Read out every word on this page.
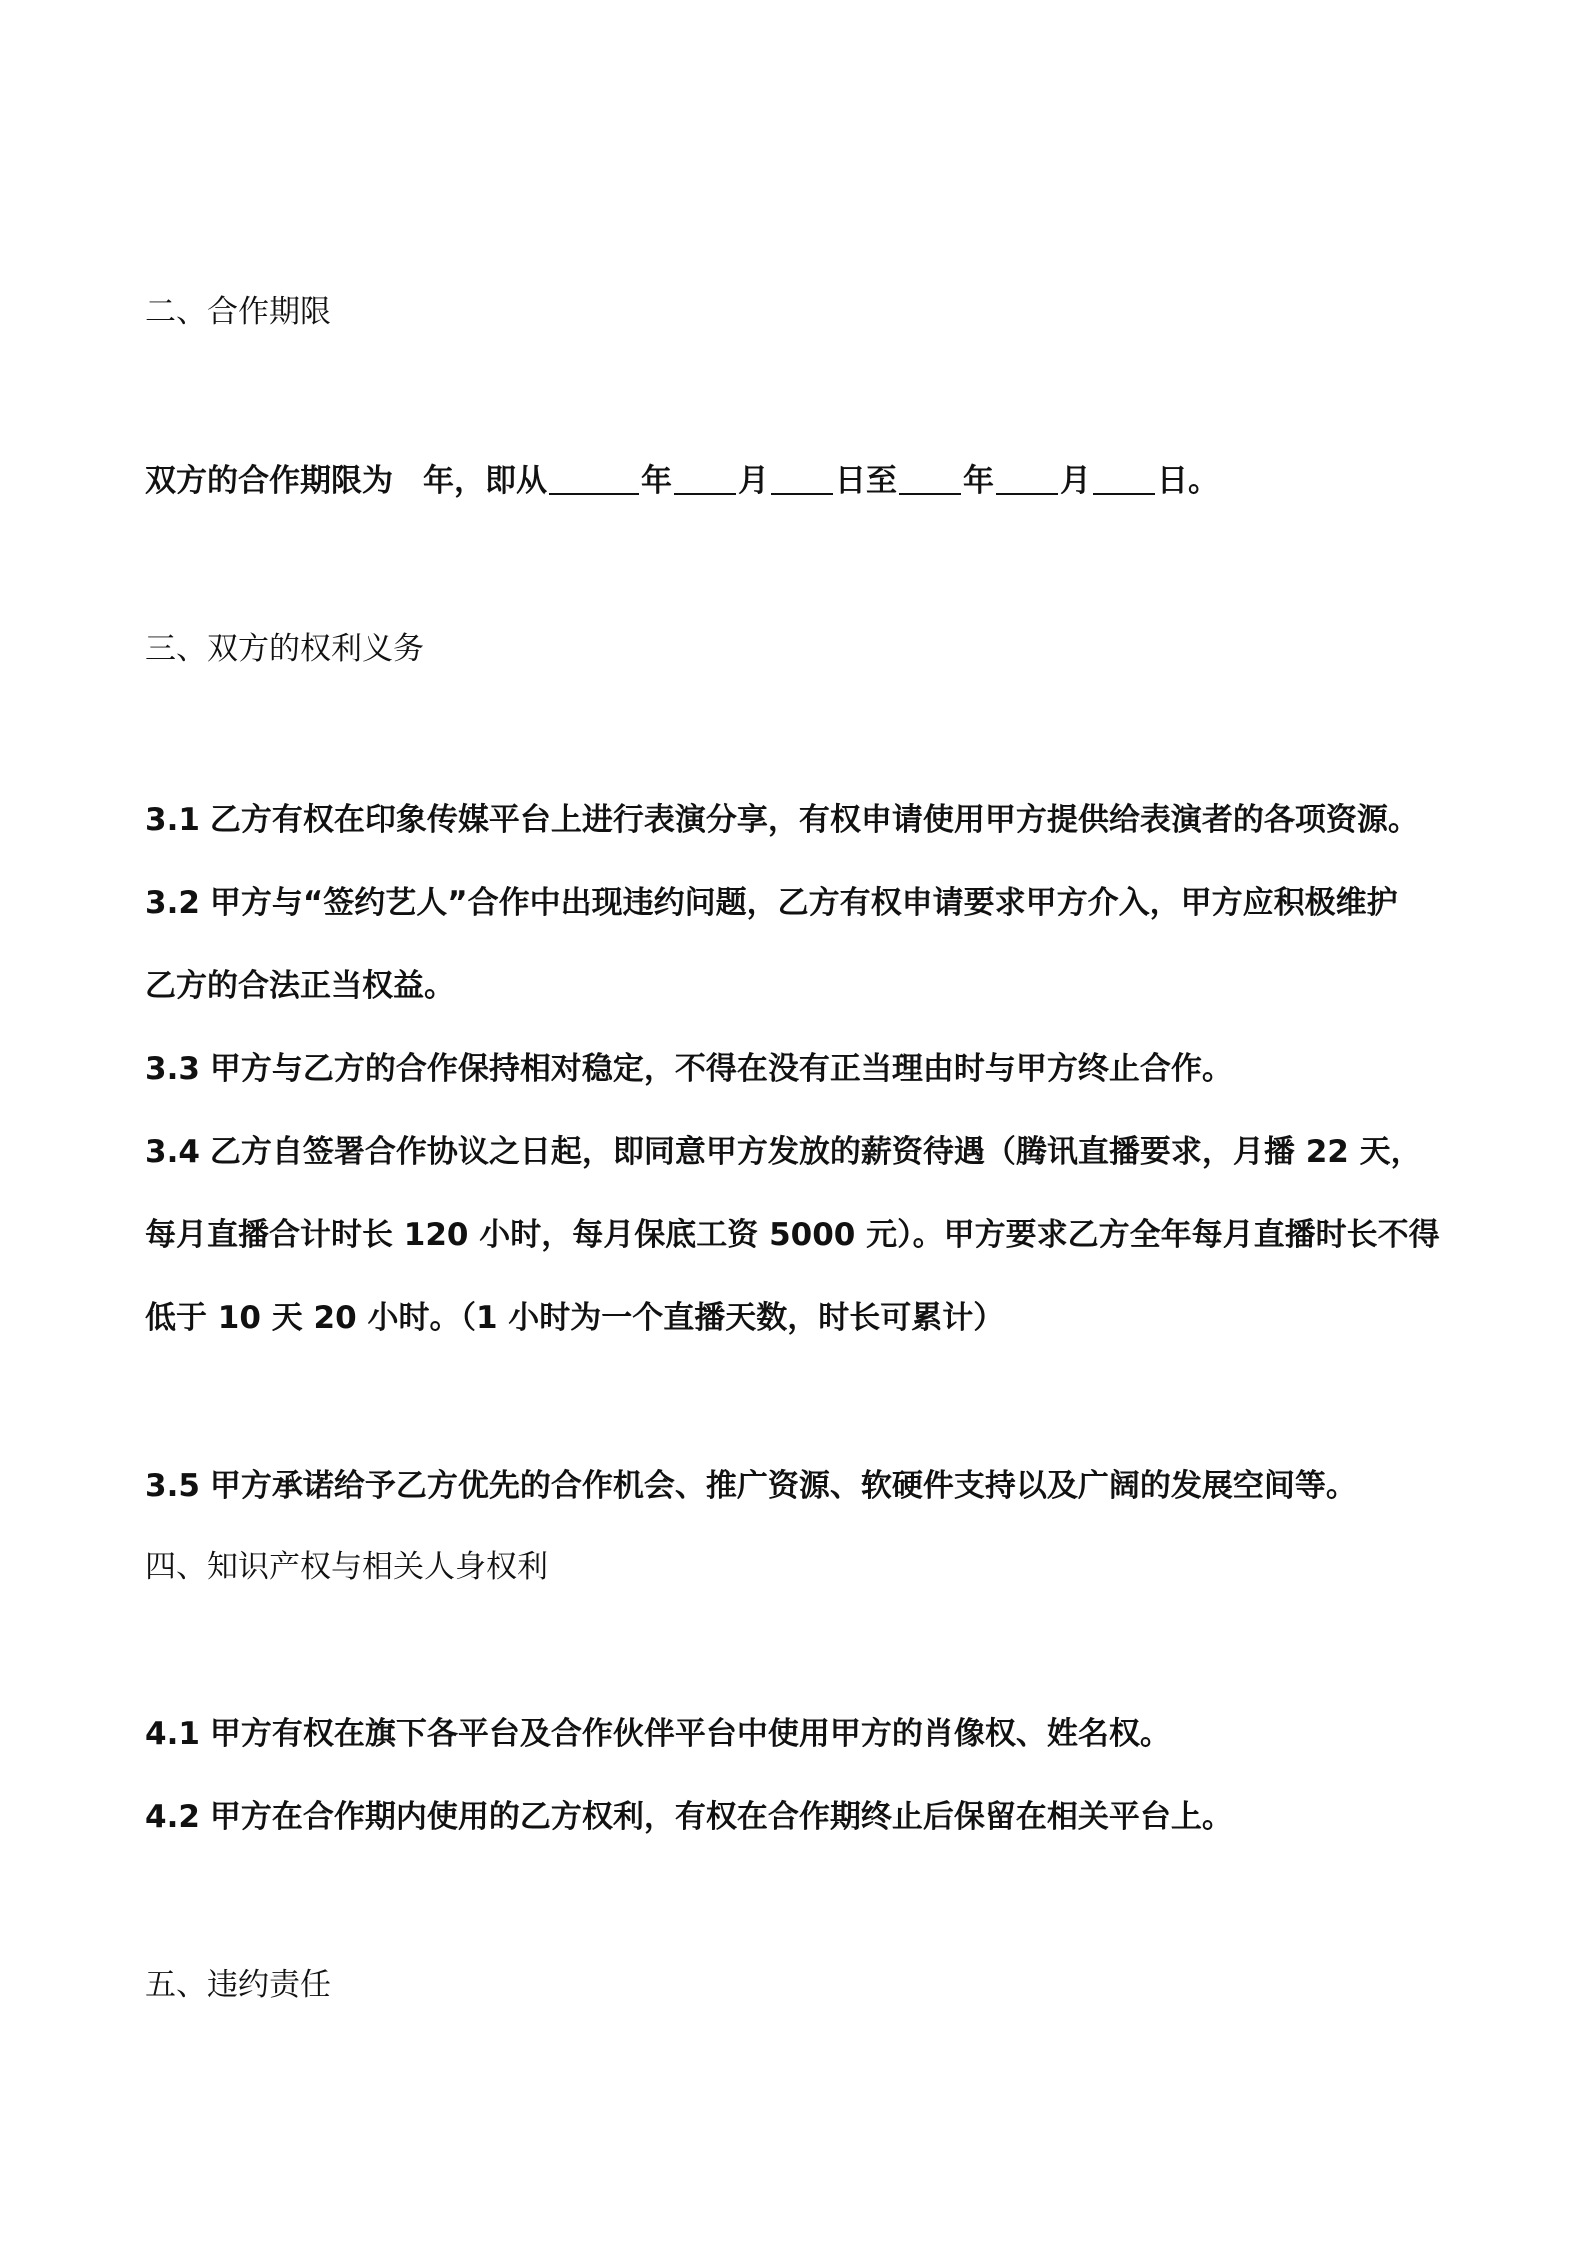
二、合作期限
双方的合作期限为 年，即从	年 月 日至 年 月 日。
三、双方的权利义务
3.1 乙方有权在印象传媒平台上进行表演分享，有权申请使用甲方提供给表演者的各项资源。
3.2 甲方与“签约艺人”合作中出现违约问题，乙方有权申请要求甲方介入，甲方应积极维护
乙方的合法正当权益。
3.3 甲方与乙方的合作保持相对稳定，不得在没有正当理由时与甲方终止合作。
3.4 乙方自签署合作协议之日起，即同意甲方发放的薪资待遇（腾讯直播要求，月播 22 天，
每月直播合计时长 120 小时，每月保底工资 5000 元）。甲方要求乙方全年每月直播时长不得
低于 10 天 20 小时。（1 小时为一个直播天数，时长可累计）
3.5 甲方承诺给予乙方优先的合作机会、推广资源、软硬件支持以及广阔的发展空间等。
四、知识产权与相关人身权利
4.1 甲方有权在旗下各平台及合作伙伴平台中使用甲方的肖像权、姓名权。
4.2 甲方在合作期内使用的乙方权利，有权在合作期终止后保留在相关平台上。
五、违约责任
